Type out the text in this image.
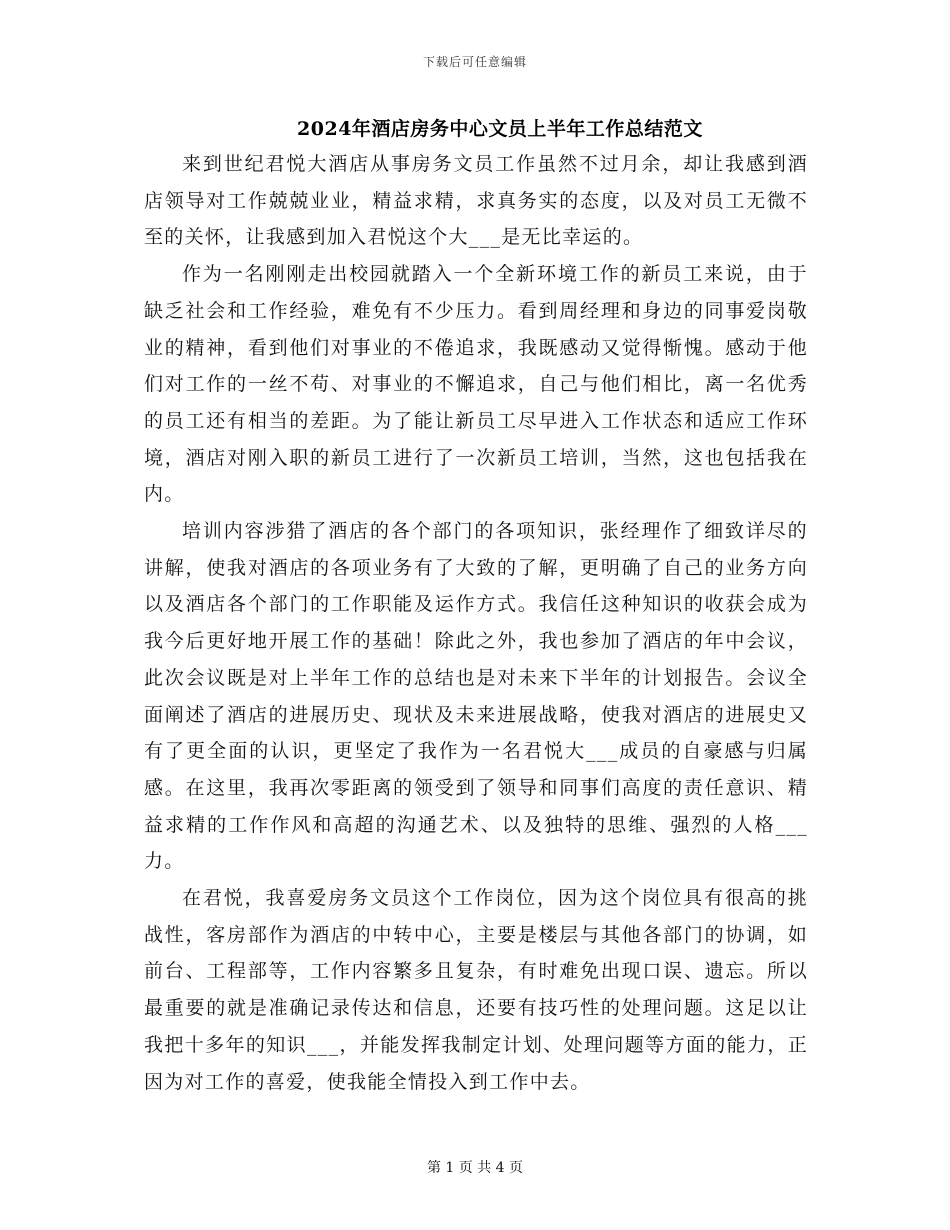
下载后可任意编辑
2024年酒店房务中心文员上半年工作总结范文

来到世纪君悦大酒店从事房务文员工作虽然不过月余，却让我感到酒店领导对工作兢兢业业，精益求精，求真务实的态度，以及对员工无微不至的关怀，让我感到加入君悦这个大___是无比幸运的。

作为一名刚刚走出校园就踏入一个全新环境工作的新员工来说，由于缺乏社会和工作经验，难免有不少压力。看到周经理和身边的同事爱岗敬业的精神，看到他们对事业的不倦追求，我既感动又觉得惭愧。感动于他们对工作的一丝不苟、对事业的不懈追求，自己与他们相比，离一名优秀的员工还有相当的差距。为了能让新员工尽早进入工作状态和适应工作环境，酒店对刚入职的新员工进行了一次新员工培训，当然，这也包括我在内。

培训内容涉猎了酒店的各个部门的各项知识，张经理作了细致详尽的讲解，使我对酒店的各项业务有了大致的了解，更明确了自己的业务方向以及酒店各个部门的工作职能及运作方式。我信任这种知识的收获会成为我今后更好地开展工作的基础！除此之外，我也参加了酒店的年中会议，此次会议既是对上半年工作的总结也是对未来下半年的计划报告。会议全面阐述了酒店的进展历史、现状及未来进展战略，使我对酒店的进展史又有了更全面的认识，更坚定了我作为一名君悦大___成员的自豪感与归属感。在这里，我再次零距离的领受到了领导和同事们高度的责任意识、精益求精的工作作风和高超的沟通艺术、以及独特的思维、强烈的人格___力。

在君悦，我喜爱房务文员这个工作岗位，因为这个岗位具有很高的挑战性，客房部作为酒店的中转中心，主要是楼层与其他各部门的协调，如前台、工程部等，工作内容繁多且复杂，有时难免出现口误、遗忘。所以最重要的就是准确记录传达和信息，还要有技巧性的处理问题。这足以让我把十多年的知识___，并能发挥我制定计划、处理问题等方面的能力，正因为对工作的喜爱，使我能全情投入到工作中去。

第 1 页 共 4 页
